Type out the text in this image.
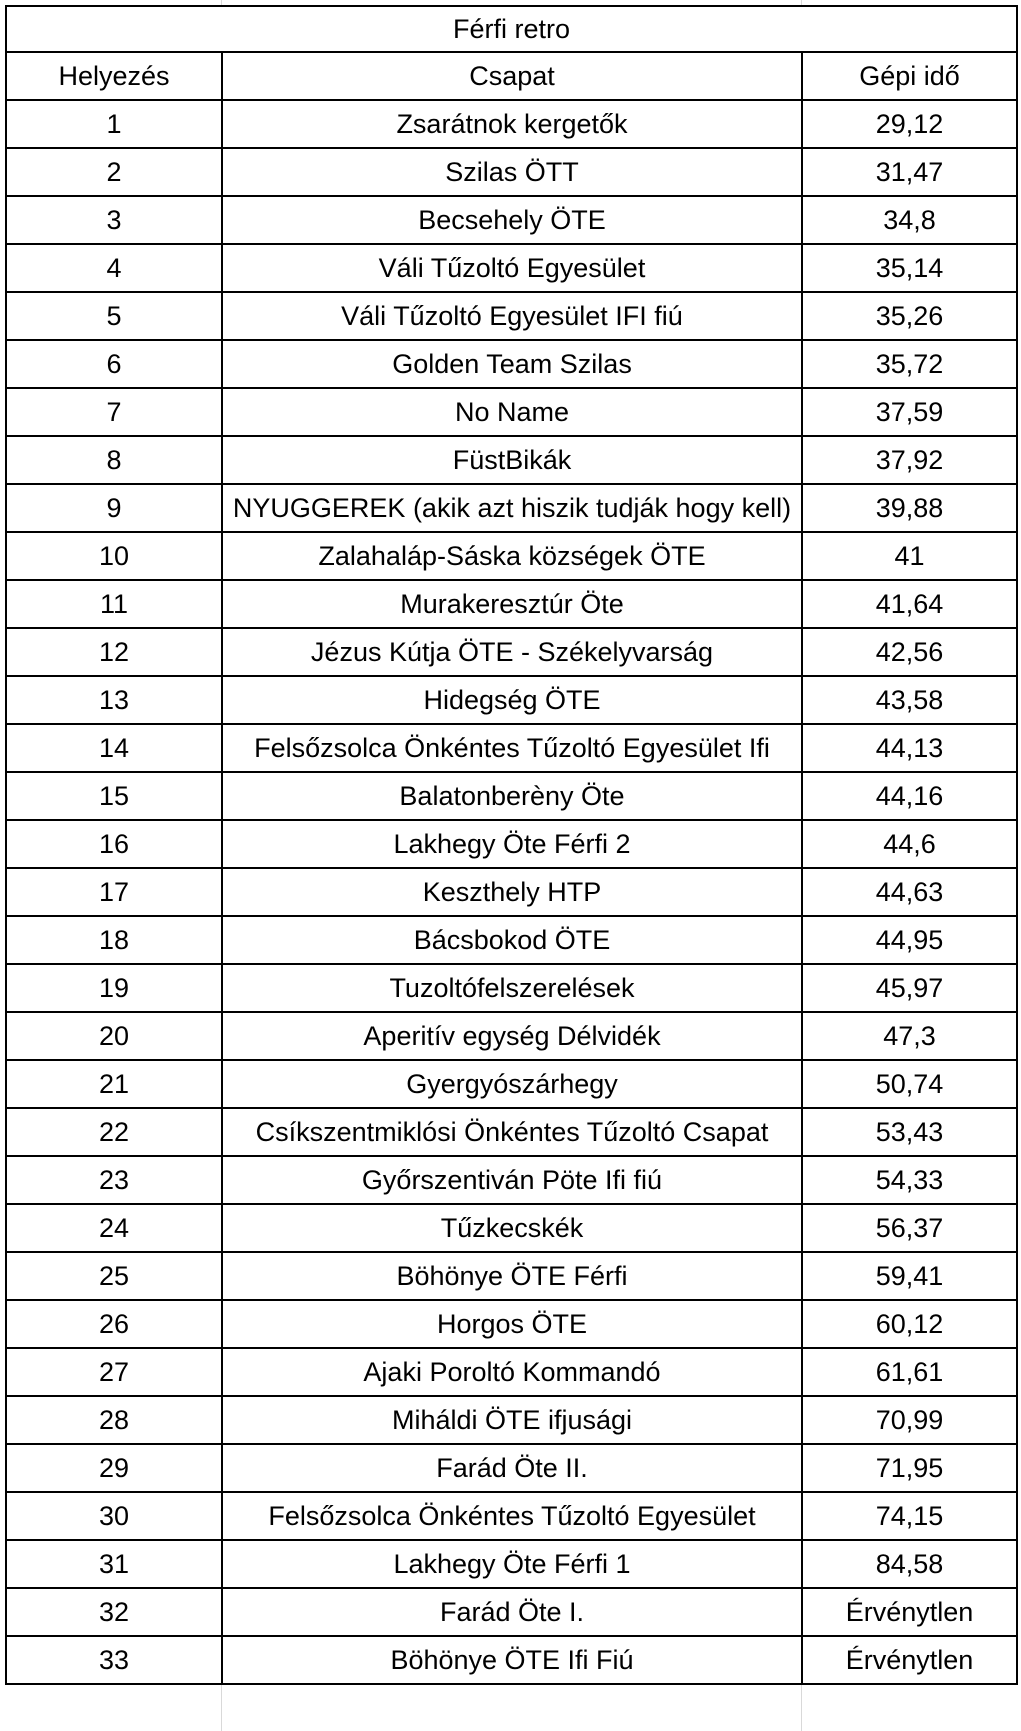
Férfi retro		
Helyezés	Csapat	Gépi idő
1	Zsarátnok kergetők	29,12
2	Szilas ÖTT	31,47
3	Becsehely ÖTE	34,8
4	Váli Tűzoltó Egyesület	35,14
5	Váli Tűzoltó Egyesület IFI fiú	35,26
6	Golden Team Szilas	35,72
7	No Name	37,59
8	FüstBikák	37,92
9	NYUGGEREK (akik azt hiszik tudják hogy kell)	39,88
10	Zalahaláp-Sáska községek ÖTE	41
11	Murakeresztúr Öte	41,64
12	Jézus Kútja ÖTE - Székelyvarság	42,56
13	Hidegség ÖTE	43,58
14	Felsőzsolca Önkéntes Tűzoltó Egyesület Ifi	44,13
15	Balatonberèny Öte	44,16
16	Lakhegy Öte Férfi 2	44,6
17	Keszthely HTP	44,63
18	Bácsbokod ÖTE	44,95
19	Tuzoltófelszerelések	45,97
20	Aperitív egység Délvidék	47,3
21	Gyergyószárhegy	50,74
22	Csíkszentmiklósi Önkéntes Tűzoltó Csapat	53,43
23	Győrszentiván Pöte Ifi fiú	54,33
24	Tűzkecskék	56,37
25	Böhönye ÖTE Férfi	59,41
26	Horgos ÖTE	60,12
27	Ajaki Poroltó Kommandó	61,61
28	Miháldi ÖTE ifjusági	70,99
29	Farád Öte II.	71,95
30	Felsőzsolca Önkéntes Tűzoltó Egyesület	74,15
31	Lakhegy Öte Férfi 1	84,58
32	Farád Öte I.	Érvénytlen
33	Böhönye ÖTE Ifi Fiú	Érvénytlen
